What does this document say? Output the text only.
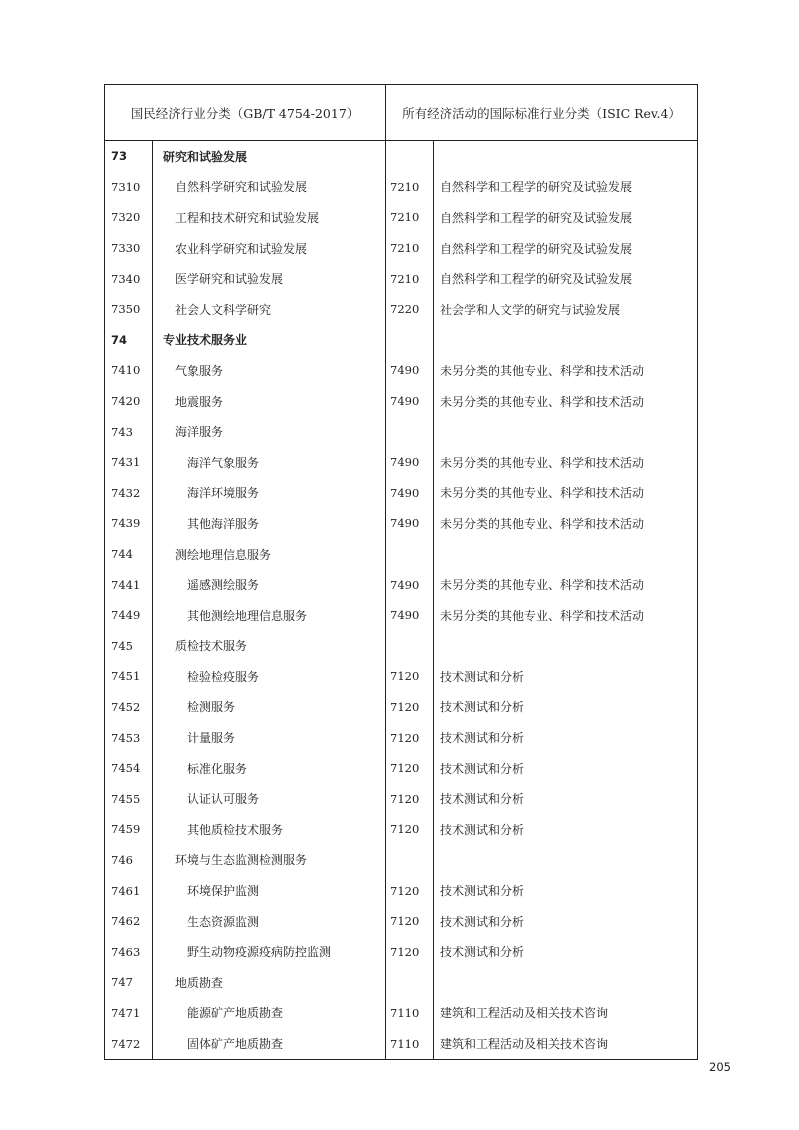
国民经济行业分类（GB/T 4754-2017）		所有经济活动的国际标准行业分类（ISIC Rev.4）	
73	研究和试验发展		
7310	自然科学研究和试验发展	7210	自然科学和工程学的研究及试验发展
7320	工程和技术研究和试验发展	7210	自然科学和工程学的研究及试验发展
7330	农业科学研究和试验发展	7210	自然科学和工程学的研究及试验发展
7340	医学研究和试验发展	7210	自然科学和工程学的研究及试验发展
7350	社会人文科学研究	7220	社会学和人文学的研究与试验发展
74	专业技术服务业		
7410	气象服务	7490	未另分类的其他专业、科学和技术活动
7420	地震服务	7490	未另分类的其他专业、科学和技术活动
743	海洋服务		
7431	海洋气象服务	7490	未另分类的其他专业、科学和技术活动
7432	海洋环境服务	7490	未另分类的其他专业、科学和技术活动
7439	其他海洋服务	7490	未另分类的其他专业、科学和技术活动
744	测绘地理信息服务		
7441	遥感测绘服务	7490	未另分类的其他专业、科学和技术活动
7449	其他测绘地理信息服务	7490	未另分类的其他专业、科学和技术活动
745	质检技术服务		
7451	检验检疫服务	7120	技术测试和分析
7452	检测服务	7120	技术测试和分析
7453	计量服务	7120	技术测试和分析
7454	标准化服务	7120	技术测试和分析
7455	认证认可服务	7120	技术测试和分析
7459	其他质检技术服务	7120	技术测试和分析
746	环境与生态监测检测服务		
7461	环境保护监测	7120	技术测试和分析
7462	生态资源监测	7120	技术测试和分析
7463	野生动物疫源疫病防控监测	7120	技术测试和分析
747	地质勘查		
7471	能源矿产地质勘查	7110	建筑和工程活动及相关技术咨询
7472	固体矿产地质勘查	7110	建筑和工程活动及相关技术咨询
205
